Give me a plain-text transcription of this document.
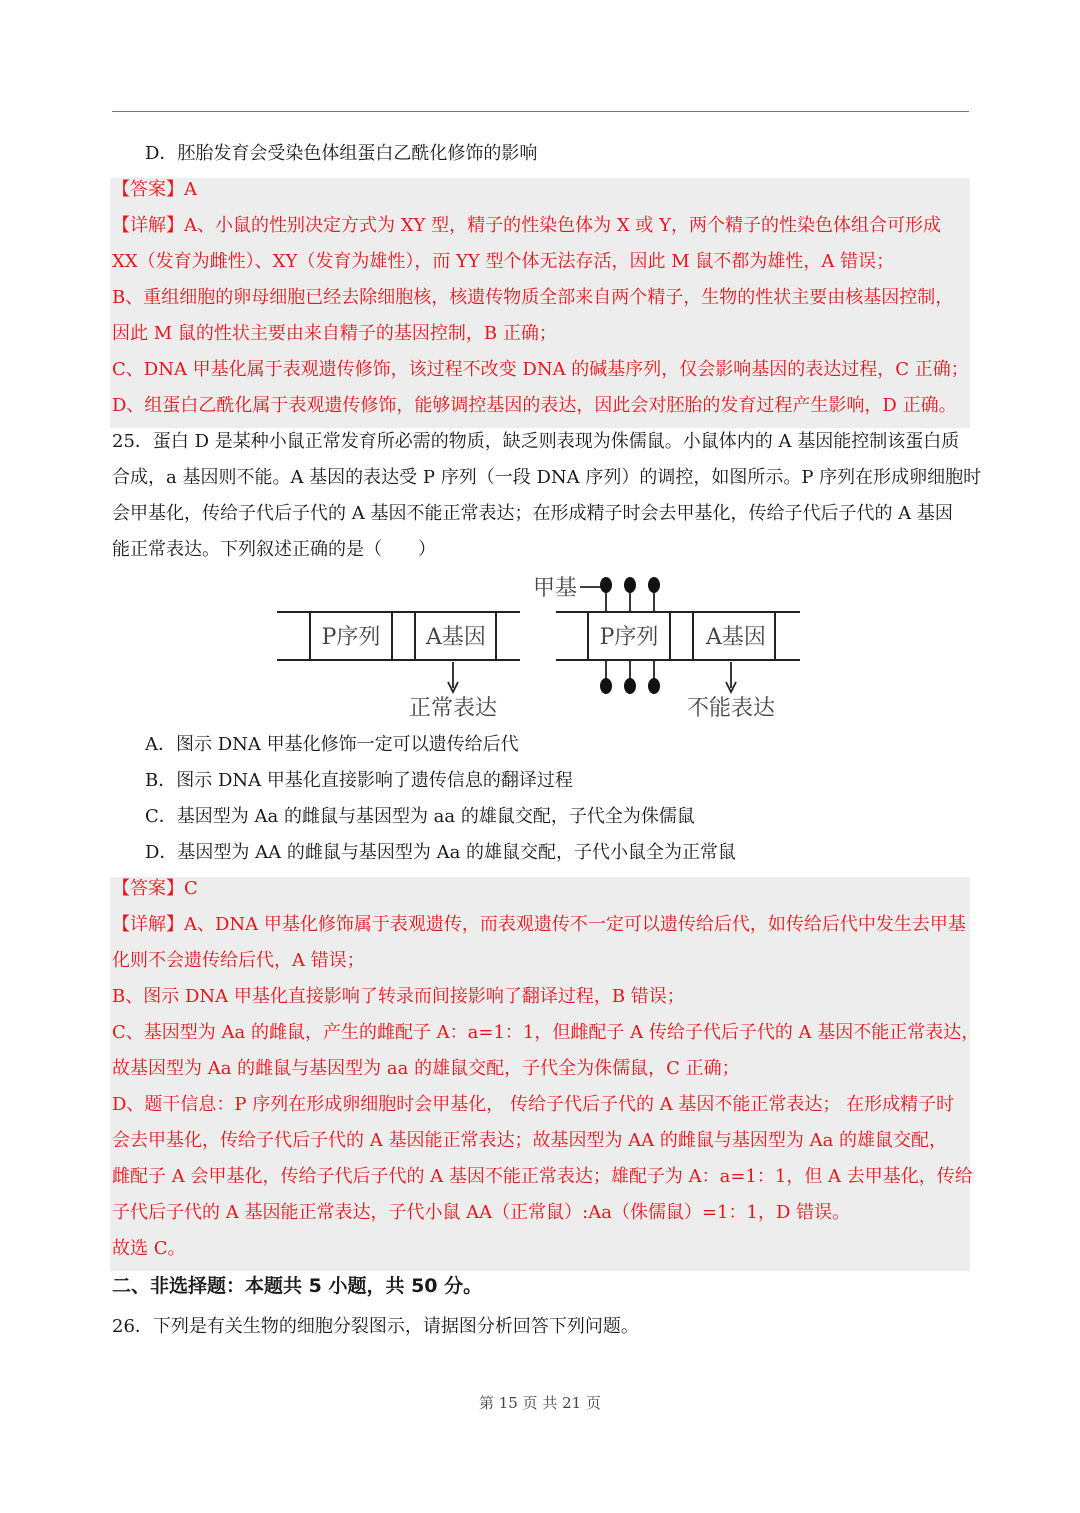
D．胚胎发育会受染色体组蛋白乙酰化修饰的影响
【答案】A
【详解】A、小鼠的性别决定方式为 XY 型，精子的性染色体为 X 或 Y，两个精子的性染色体组合可形成
XX（发育为雌性）、XY（发育为雄性），而 YY 型个体无法存活，因此 M 鼠不都为雄性，A 错误；
B、重组细胞的卵母细胞已经去除细胞核，核遗传物质全部来自两个精子，生物的性状主要由核基因控制，
因此 M 鼠的性状主要由来自精子的基因控制，B 正确；
C、DNA 甲基化属于表观遗传修饰，该过程不改变 DNA 的碱基序列，仅会影响基因的表达过程，C 正确；
D、组蛋白乙酰化属于表观遗传修饰，能够调控基因的表达，因此会对胚胎的发育过程产生影响，D 正确。
25．蛋白 D 是某种小鼠正常发育所必需的物质，缺乏则表现为侏儒鼠。小鼠体内的 A 基因能控制该蛋白质
合成，a 基因则不能。A 基因的表达受 P 序列（一段 DNA 序列）的调控，如图所示。P 序列在形成卵细胞时
会甲基化，传给子代后子代的 A 基因不能正常表达；在形成精子时会去甲基化，传给子代后子代的 A 基因
能正常表达。下列叙述正确的是（　　）
P序列 A基因
正常表达
P序列 A基因
甲基
不能表达
A．图示 DNA 甲基化修饰一定可以遗传给后代
B．图示 DNA 甲基化直接影响了遗传信息的翻译过程
C．基因型为 Aa 的雌鼠与基因型为 aa 的雄鼠交配，子代全为侏儒鼠
D．基因型为 AA 的雌鼠与基因型为 Aa 的雄鼠交配，子代小鼠全为正常鼠
【答案】C
【详解】A、DNA 甲基化修饰属于表观遗传，而表观遗传不一定可以遗传给后代，如传给后代中发生去甲基
化则不会遗传给后代，A 错误；
B、图示 DNA 甲基化直接影响了转录而间接影响了翻译过程，B 错误；
C、基因型为 Aa 的雌鼠，产生的雌配子 A：a=1：1，但雌配子 A 传给子代后子代的 A 基因不能正常表达，
故基因型为 Aa 的雌鼠与基因型为 aa 的雄鼠交配，子代全为侏儒鼠，C 正确；
D、题干信息：P 序列在形成卵细胞时会甲基化， 传给子代后子代的 A 基因不能正常表达； 在形成精子时
会去甲基化，传给子代后子代的 A 基因能正常表达；故基因型为 AA 的雌鼠与基因型为 Aa 的雄鼠交配，
雌配子 A 会甲基化，传给子代后子代的 A 基因不能正常表达；雄配子为 A：a=1：1，但 A 去甲基化，传给
子代后子代的 A 基因能正常表达，子代小鼠 AA（正常鼠）:Aa（侏儒鼠）=1：1，D 错误。
故选 C。
二、非选择题：本题共 5 小题，共 50 分。
26．下列是有关生物的细胞分裂图示，请据图分析回答下列问题。
第 15 页 共 21 页
